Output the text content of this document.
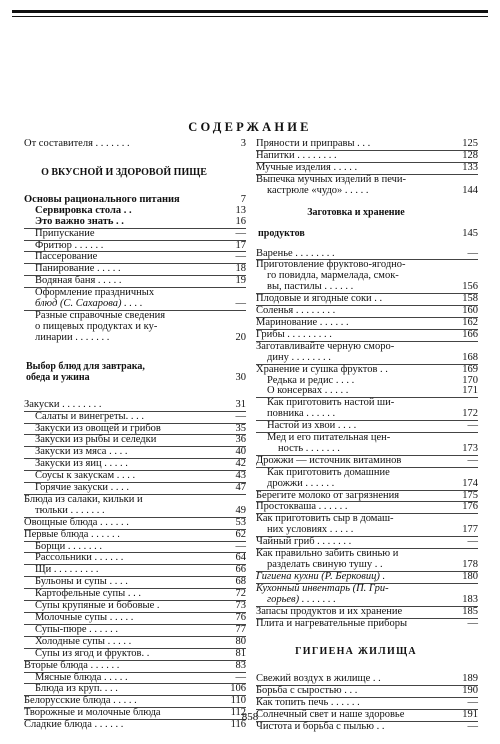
СОДЕРЖАНИЕ
От составителя . . . . . . .	3
О ВКУСНОЙ И ЗДОРОВОЙ ПИЩЕ
Основы рационального питания	7
Сервировка стола . .	13
Это важно знать . .	16
Припускание	—
Фритюр . . . . . .	17
Пассерование	—
Панирование . . . . .	18
Водяная баня . . . . .	19
Оформление праздничных
блюд (С. Сахарова) . . . .	—
Разные справочные сведения
о пищевых продуктах и ку-
линарии . . . . . . .	20
Выбор блюд для завтрака,
обеда и ужина	30
Закуски . . . . . . . .	31
Салаты и винегреты. . . .	—
Закуски из овощей и грибов	35
Закуски из рыбы и селедки	36
Закуски из мяса . . . .	40
Закуски из яиц . . . . .	42
Соусы к закускам . . . .	43
Горячие закуски . . . .	47
Блюда из салаки, кильки и
тюльки . . . . . . .	49
Овощные блюда . . . . . .	53
Первые блюда . . . . . .	62
Борщи . . . . . . .	—
Рассольники . . . . . .	64
Щи . . . . . . . . .	66
Бульоны и супы . . . .	68
Картофельные супы . . .	72
Супы крупяные и бобовые .	73
Молочные супы . . . . .	76
Супы-пюре . . . . . .	77
Холодные супы . . . . .	80
Супы из ягод и фруктов. .	81
Вторые блюда . . . . . .	83
Мясные блюда . . . . .	—
Блюда из круп. . . .	106
Белорусские блюда . . . . .	110
Творожные и молочные блюда	112
Сладкие блюда . . . . . .	116
Пряности и приправы . . .	125
Напитки . . . . . . . .	128
Мучные изделия . . . . .	133
Выпечка мучных изделий в печи-
кастрюле «чудо» . . . . .	144
Заготовка и хранение
продуктов	145
Варенье . . . . . . . .	—
Приготовление фруктово-ягодно-
го повидла, мармелада, смок-
вы, пастилы . . . . . .	156
Плодовые и ягодные соки . .	158
Соленья . . . . . . . .	160
Маринование . . . . . .	162
Грибы . . . . . . . . .	166
Заготавливайте черную сморо-
дину . . . . . . . .	168
Хранение и сушка фруктов . .	169
Редька и редис . . . .	170
О консервах . . . . .	171
Как приготовить настой ши-
повника . . . . . .	172
Настой из хвои . . . .	—
Мед и его питательная цен-
ность . . . . . . .	173
Дрожжи — источник витаминов	—
Как приготовить домашние
дрожжи . . . . . .	174
Берегите молоко от загрязнения	175
Простокваша . . . . . .	176
Как приготовить сыр в домаш-
них условиях . . . . .	177
Чайный гриб . . . . . . .	—
Как правильно забить свинью и
разделать свиную тушу . .	178
Гигиена кухни (Р. Берковиц) .	180
Кухонный инвентарь (П. Гри-
горьев) . . . . . . .	183
Запасы продуктов и их хранение	185
Плита и нагревательные приборы	—
ГИГИЕНА ЖИЛИЩА
Свежий воздух в жилище . .	189
Борьба с сыростью . . .	190
Как топить печь . . . . . .	—
Солнечный свет и наше здоровье	191
Чистота и борьба с пылью . .	—
858
